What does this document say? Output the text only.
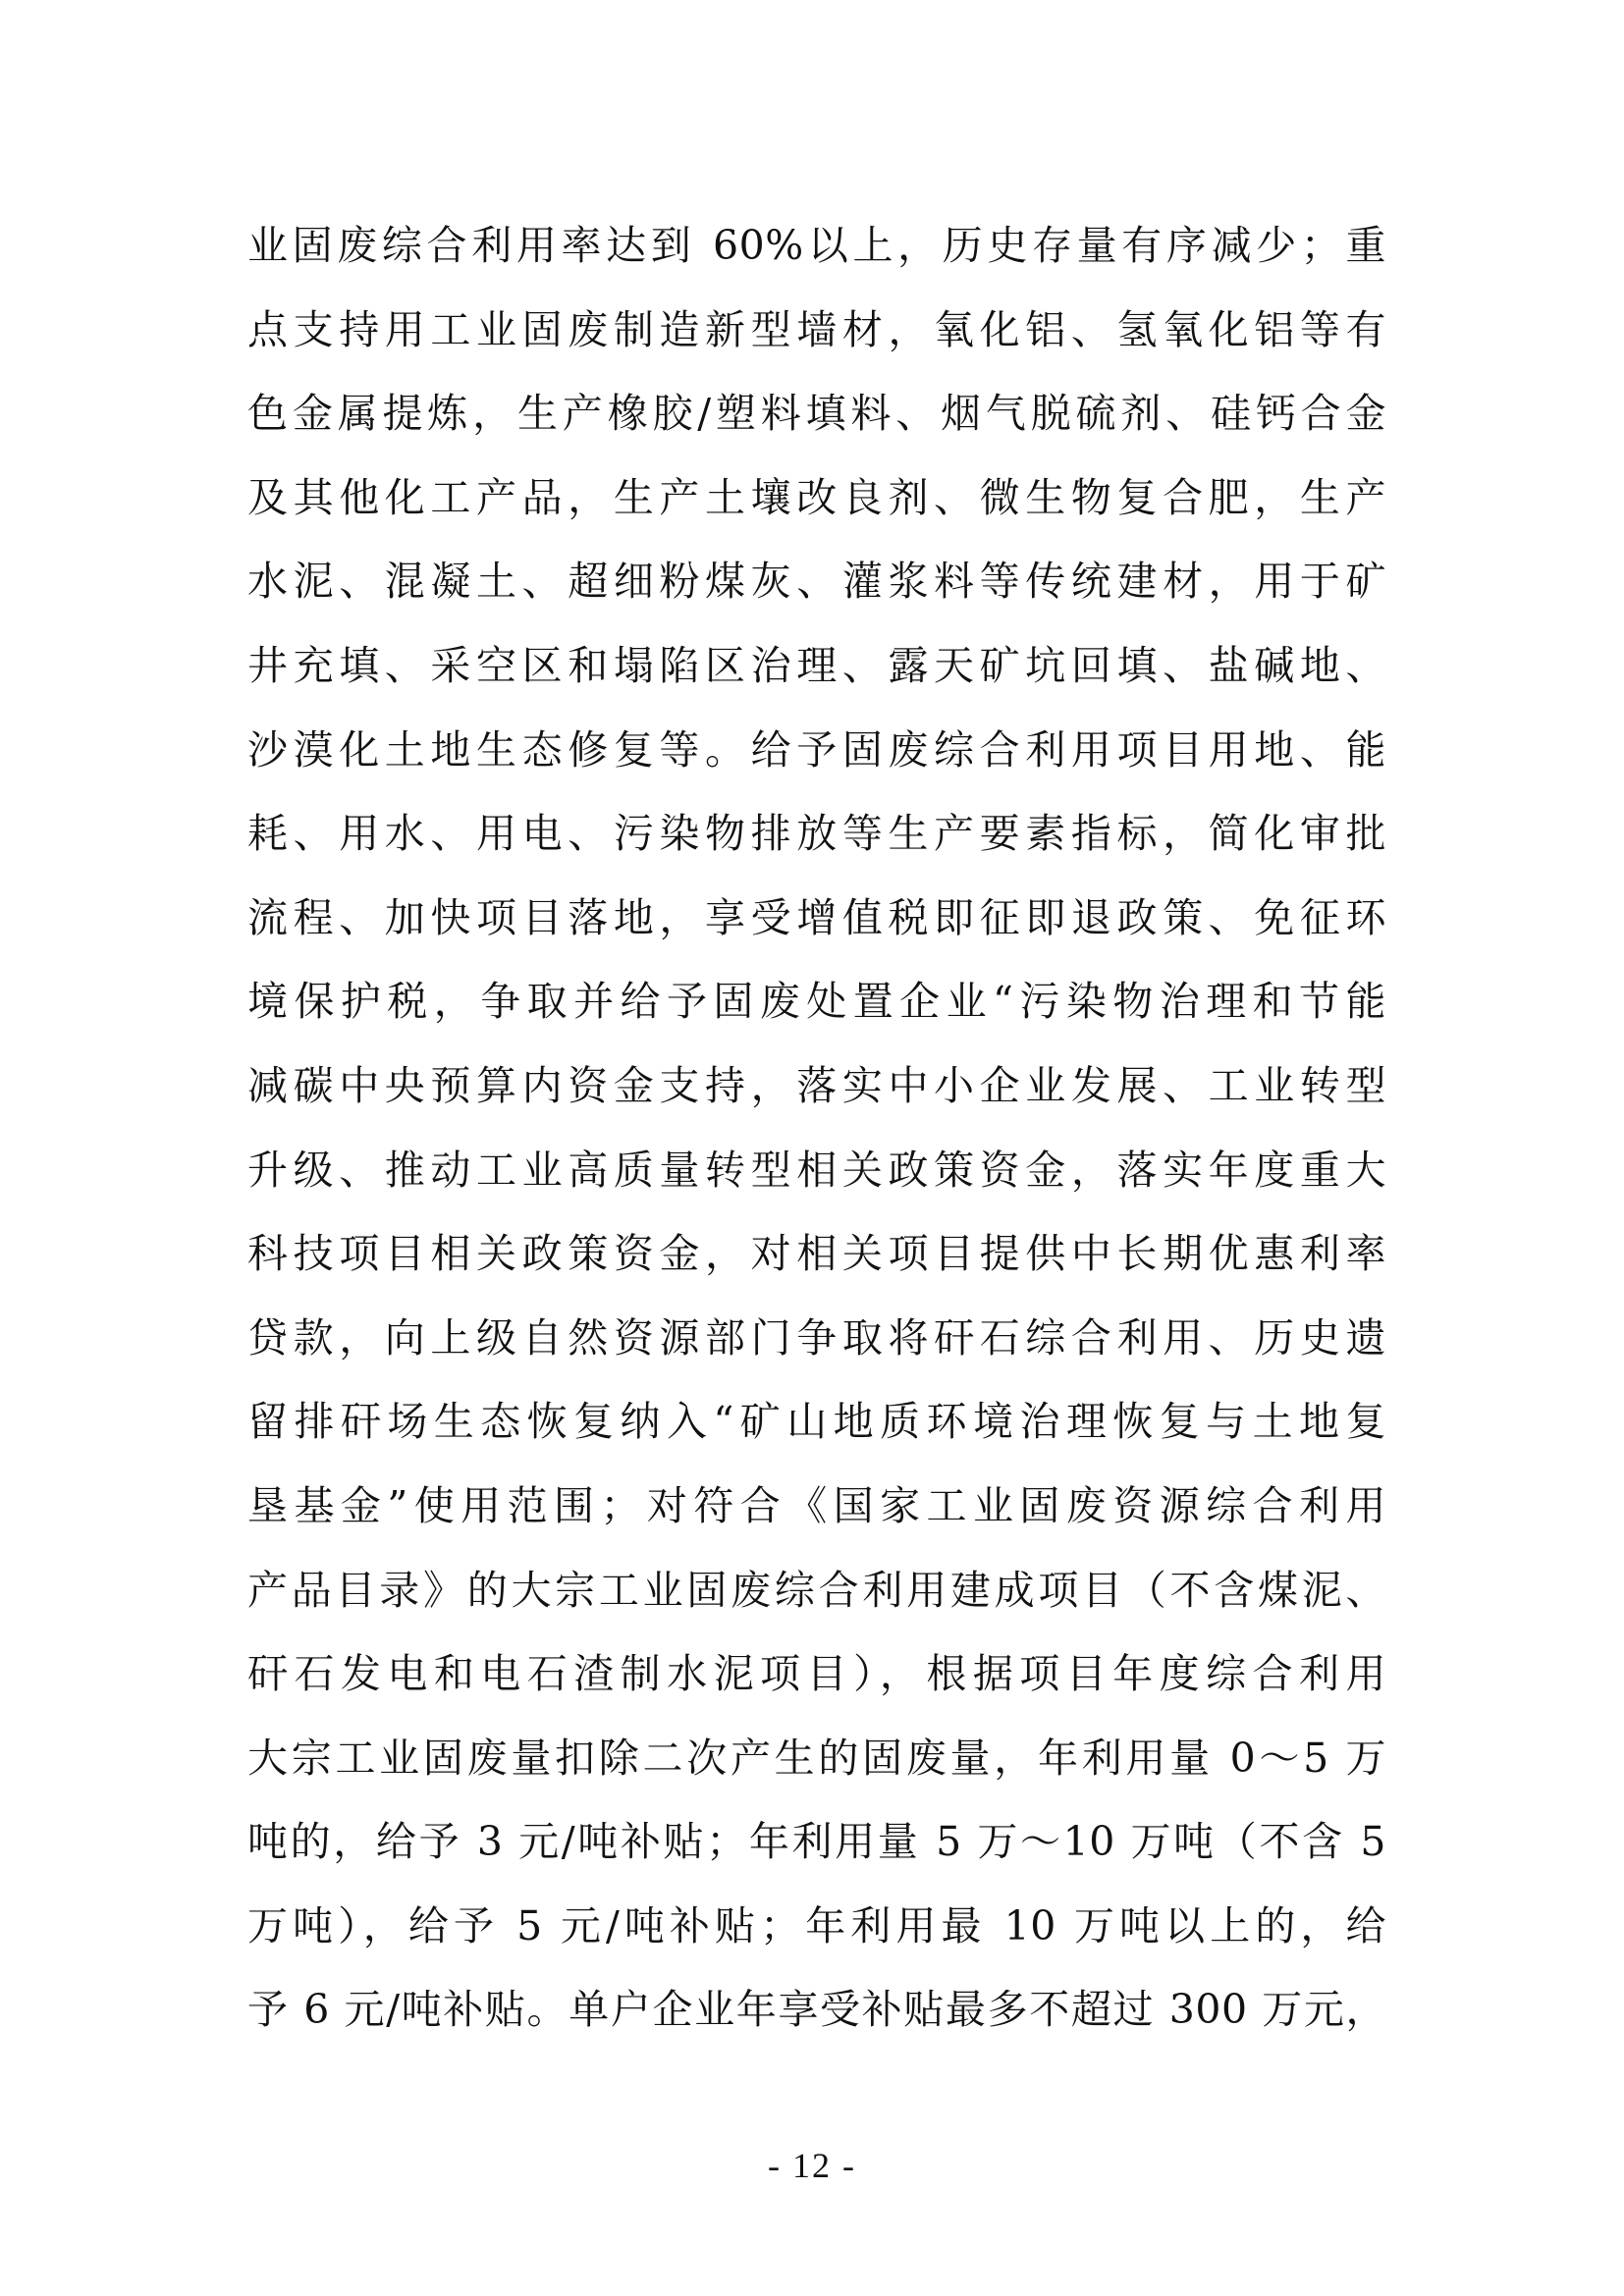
业固废综合利用率达到 60%以上，历史存量有序减少；重
点支持用工业固废制造新型墙材，氧化铝、氢氧化铝等有
色金属提炼，生产橡胶/塑料填料、烟气脱硫剂、硅钙合金
及其他化工产品，生产土壤改良剂、微生物复合肥，生产
水泥、混凝土、超细粉煤灰、灌浆料等传统建材，用于矿
井充填、采空区和塌陷区治理、露天矿坑回填、盐碱地、
沙漠化土地生态修复等。给予固废综合利用项目用地、能
耗、用水、用电、污染物排放等生产要素指标，简化审批
流程、加快项目落地，享受增值税即征即退政策、免征环
境保护税，争取并给予固废处置企业“污染物治理和节能
减碳中央预算内资金支持，落实中小企业发展、工业转型
升级、推动工业高质量转型相关政策资金，落实年度重大
科技项目相关政策资金，对相关项目提供中长期优惠利率
贷款，向上级自然资源部门争取将矸石综合利用、历史遗
留排矸场生态恢复纳入“矿山地质环境治理恢复与土地复
垦基金”使用范围；对符合《国家工业固废资源综合利用
产品目录》的大宗工业固废综合利用建成项目（不含煤泥、
矸石发电和电石渣制水泥项目），根据项目年度综合利用
大宗工业固废量扣除二次产生的固废量，年利用量 0～5 万
吨的，给予 3 元/吨补贴；年利用量 5 万～10 万吨（不含 5
万吨），给予 5 元/吨补贴；年利用最 10 万吨以上的，给
予 6 元/吨补贴。单户企业年享受补贴最多不超过 300 万元，
- 12 -
